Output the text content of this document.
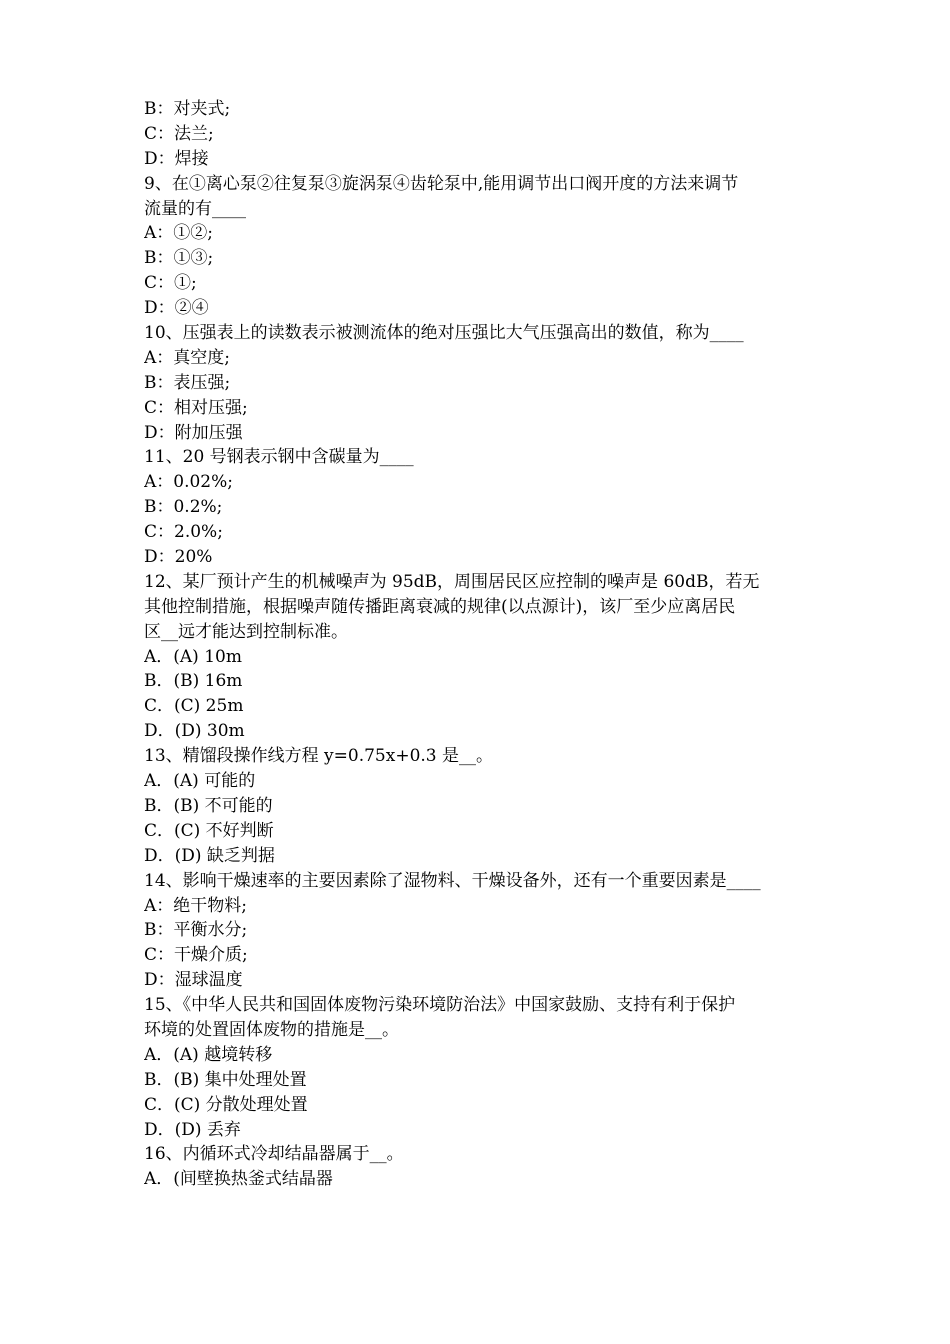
B：对夹式;
C：法兰;
D：焊接
9、在①离心泵②往复泵③旋涡泵④齿轮泵中,能用调节出口阀开度的方法来调节
流量的有____
A：①②;
B：①③;
C：①;
D：②④
10、压强表上的读数表示被测流体的绝对压强比大气压强高出的数值，称为____
A：真空度;
B：表压强;
C：相对压强;
D：附加压强
11、20 号钢表示钢中含碳量为____
A：0.02%;
B：0.2%;
C：2.0%;
D：20%
12、某厂预计产生的机械噪声为 95dB，周围居民区应控制的噪声是 60dB，若无
其他控制措施，根据噪声随传播距离衰减的规律(以点源计)，该厂至少应离居民
区__远才能达到控制标准。
A．(A) 10m
B．(B) 16m
C．(C) 25m
D．(D) 30m
13、精馏段操作线方程 y=0.75x+0.3 是__。
A．(A) 可能的
B．(B) 不可能的
C．(C) 不好判断
D．(D) 缺乏判据
14、影响干燥速率的主要因素除了湿物料、干燥设备外，还有一个重要因素是____
A：绝干物料;
B：平衡水分;
C：干燥介质;
D：湿球温度
15、《中华人民共和国固体废物污染环境防治法》中国家鼓励、支持有利于保护
环境的处置固体废物的措施是__。
A．(A) 越境转移
B．(B) 集中处理处置
C．(C) 分散处理处置
D．(D) 丢弃
16、内循环式冷却结晶器属于__。
A．(间壁换热釜式结晶器
